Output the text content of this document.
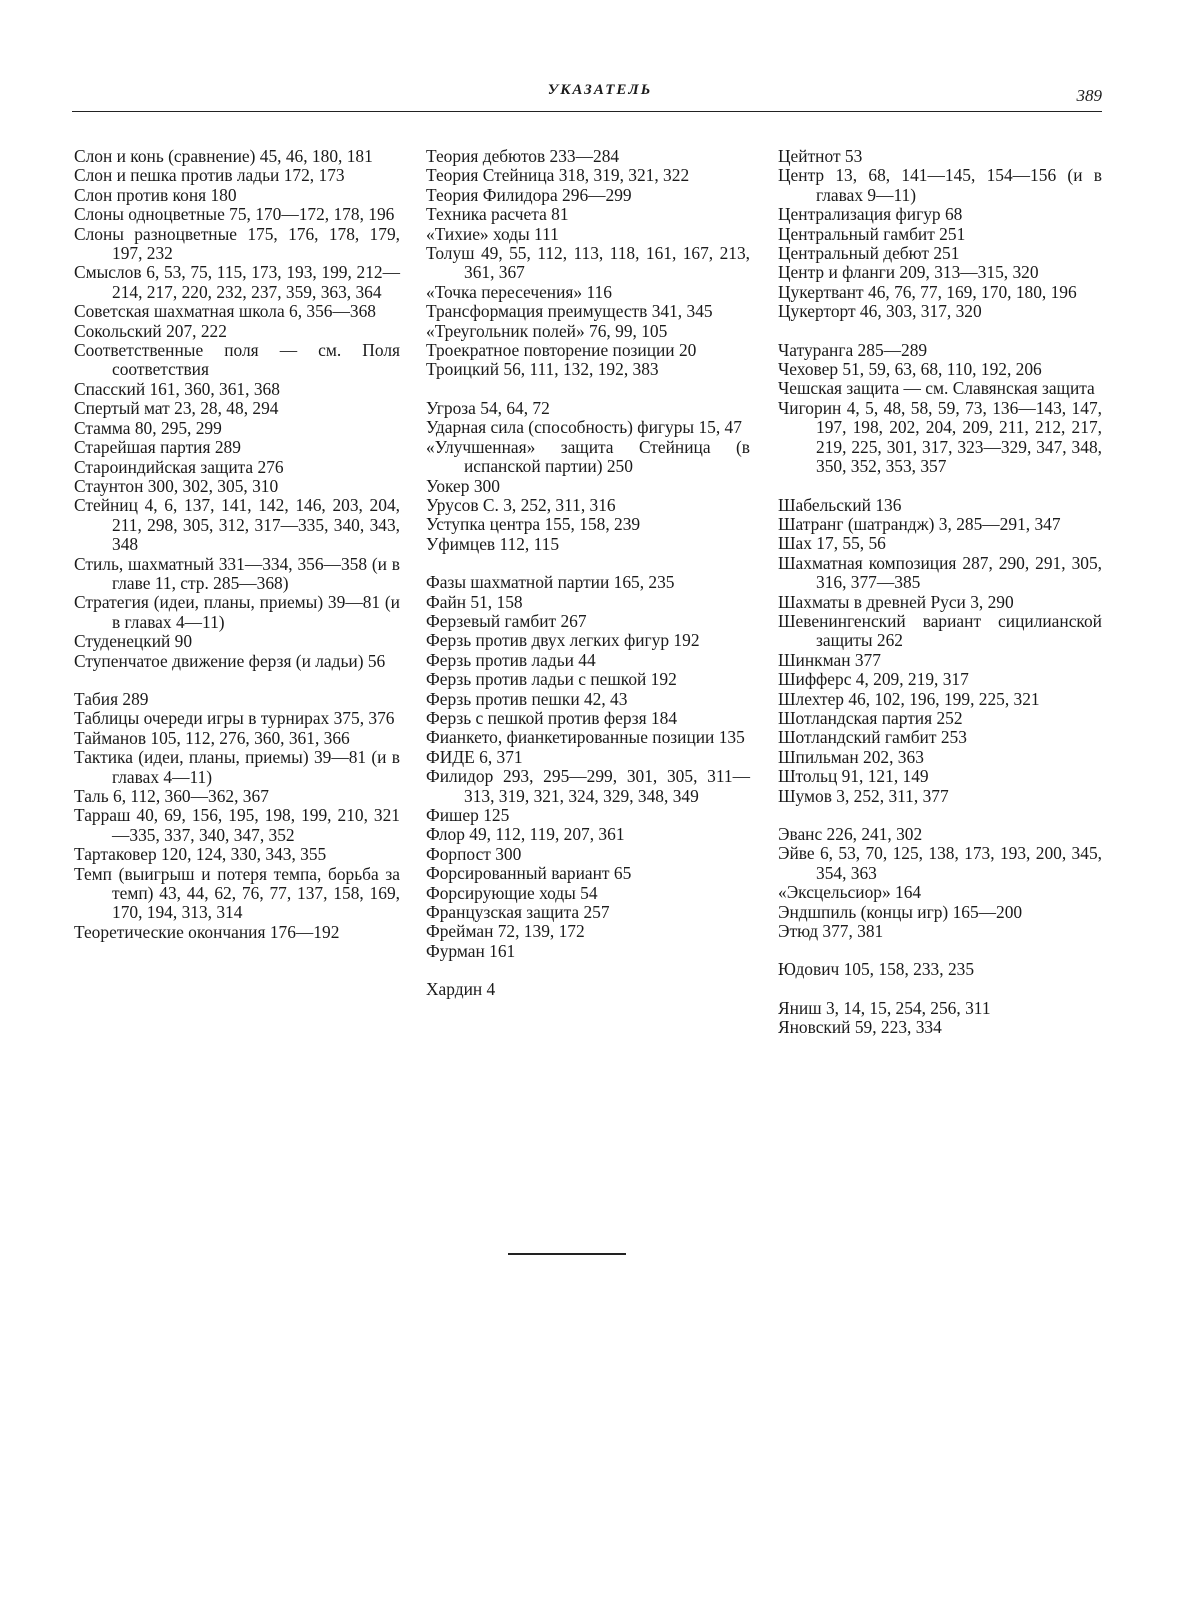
УКАЗАТЕЛЬ	389

Слон и конь (сравнение) 45, 46, 180, 181

Слон и пешка против ладьи 172, 173

Слон против коня 180

Слоны одноцветные 75, 170—172, 178, 196

Слоны разноцветные 175, 176, 178, 179, 197, 232

Смыслов 6, 53, 75, 115, 173, 193, 199, 212—214, 217, 220, 232, 237, 359, 363, 364

Советская шахматная школа 6, 356—368

Сокольский 207, 222

Соответственные поля — см. Поля соответствия

Спасский 161, 360, 361, 368

Спертый мат 23, 28, 48, 294

Стамма 80, 295, 299

Старейшая партия 289

Староиндийская защита 276

Стаунтон 300, 302, 305, 310

Стейниц 4, 6, 137, 141, 142, 146, 203, 204, 211, 298, 305, 312, 317—335, 340, 343, 348

Стиль, шахматный 331—334, 356—358 (и в главе 11, стр. 285—368)

Стратегия (идеи, планы, приемы) 39—81 (и в главах 4—11)

Студенецкий 90

Ступенчатое движение ферзя (и ладьи) 56

Табия 289

Таблицы очереди игры в турнирах 375, 376

Тайманов 105, 112, 276, 360, 361, 366

Тактика (идеи, планы, приемы) 39—81 (и в главах 4—11)

Таль 6, 112, 360—362, 367

Тарраш 40, 69, 156, 195, 198, 199, 210, 321—335, 337, 340, 347, 352

Тартаковер 120, 124, 330, 343, 355

Темп (выигрыш и потеря темпа, борьба за темп) 43, 44, 62, 76, 77, 137, 158, 169, 170, 194, 313, 314

Теоретические окончания 176—192

Теория дебютов 233—284

Теория Стейница 318, 319, 321, 322

Теория Филидора 296—299

Техника расчета 81

«Тихие» ходы 111

Толуш 49, 55, 112, 113, 118, 161, 167, 213, 361, 367

«Точка пересечения» 116

Трансформация преимуществ 341, 345

«Треугольник полей» 76, 99, 105

Троекратное повторение позиции 20

Троицкий 56, 111, 132, 192, 383

Угроза 54, 64, 72

Ударная сила (способность) фигуры 15, 47

«Улучшенная» защита Стейница (в испанской партии) 250

Уокер 300

Урусов С. 3, 252, 311, 316

Уступка центра 155, 158, 239

Уфимцев 112, 115

Фазы шахматной партии 165, 235

Файн 51, 158

Ферзевый гамбит 267

Ферзь против двух легких фигур 192

Ферзь против ладьи 44

Ферзь против ладьи с пешкой 192

Ферзь против пешки 42, 43

Ферзь с пешкой против ферзя 184

Фианкето, фианкетированные позиции 135

ФИДЕ 6, 371

Филидор 293, 295—299, 301, 305, 311—313, 319, 321, 324, 329, 348, 349

Фишер 125

Флор 49, 112, 119, 207, 361

Форпост 300

Форсированный вариант 65

Форсирующие ходы 54

Французская защита 257

Фрейман 72, 139, 172

Фурман 161

Хардин 4

Цейтнот 53

Центр 13, 68, 141—145, 154—156 (и в главах 9—11)

Централизация фигур 68

Центральный гамбит 251

Центральный дебют 251

Центр и фланги 209, 313—315, 320

Цукертвант 46, 76, 77, 169, 170, 180, 196

Цукерторт 46, 303, 317, 320

Чатуранга 285—289

Чеховер 51, 59, 63, 68, 110, 192, 206

Чешская защита — см. Славянская защита

Чигорин 4, 5, 48, 58, 59, 73, 136—143, 147, 197, 198, 202, 204, 209, 211, 212, 217, 219, 225, 301, 317, 323—329, 347, 348, 350, 352, 353, 357

Шабельский 136

Шатранг (шатрандж) 3, 285—291, 347

Шах 17, 55, 56

Шахматная композиция 287, 290, 291, 305, 316, 377—385

Шахматы в древней Руси 3, 290

Шевенингенский вариант сицилианской защиты 262

Шинкман 377

Шифферс 4, 209, 219, 317

Шлехтер 46, 102, 196, 199, 225, 321

Шотландская партия 252

Шотландский гамбит 253

Шпильман 202, 363

Штольц 91, 121, 149

Шумов 3, 252, 311, 377

Эванс 226, 241, 302

Эйве 6, 53, 70, 125, 138, 173, 193, 200, 345, 354, 363

«Эксцельсиор» 164

Эндшпиль (концы игр) 165—200

Этюд 377, 381

Юдович 105, 158, 233, 235

Яниш 3, 14, 15, 254, 256, 311

Яновский 59, 223, 334
